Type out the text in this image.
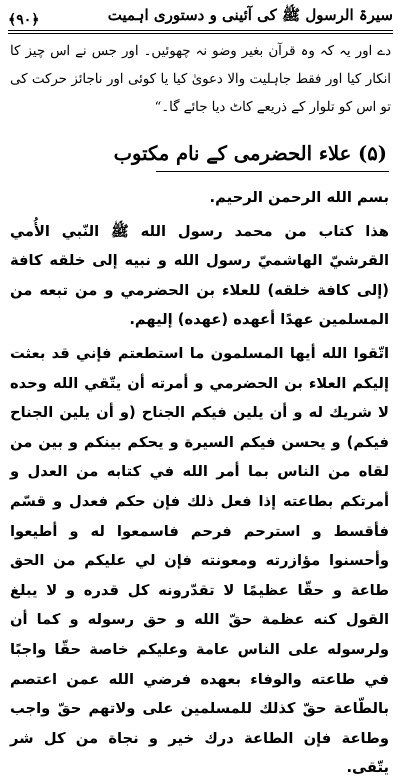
سیرۃ الرسول ﷺ کی آئینی و دستوری اہمیت
﴿۹۰﴾
دے اور یہ کہ وہ قرآن بغیر وضو نہ چھوئیں۔ اور جس نے اس چیز کا انکار کیا اور فقط جاہلیت والا دعویٰ کیا یا کوئی اور ناجائز حرکت کی تو اس کو تلوار کے ذریعے کاٹ دیا جائے گا۔“
(۵) علاء الحضرمی کے نام مکتوب

بسم الله الرحمن الرحيم.

هذا كتاب من محمد رسول الله ﷺ النّبي الأُمي القرشيّ الهاشميّ رسول الله و نبيه إلى خلقه كافة (إلى كافة خلقه) للعلاء بن الحضرمي و من تبعه من المسلمين عهدًا أعهده (عهده) إليهم.

اتّقوا الله أيها المسلمون ما استطعتم فإني قد بعثت إليكم العلاء بن الحضرمي و أمرته أن يتّقي الله وحده لا شريك له و أن يلين فيكم الجناح (و أن يلين الجناح فيكم) و يحسن فيكم السيرة و يحكم بينكم و بين من لقاه من الناس بما أمر الله في كتابه من العدل و أمرتكم بطاعته إذا فعل ذلك فإن حكم فعدل و قسّم فأقسط و استرحم فرحم فاسمعوا له و أطيعوا وأحسنوا مؤازرته ومعونته فإن لي عليكم من الحق طاعة و حقّا عظيمًا لا تقدّرونه كل قدره و لا يبلغ القول كنه عظمة حقّ الله و حق رسوله و كما أن ولرسوله على الناس عامة وعليكم خاصة حقّا واجبًا في طاعته والوفاء بعهده فرضي الله عمن اعتصم بالطّاعة حقّ كذلك للمسلمين على ولاتهم حقّ واجب وطاعة فإن الطاعة درك خير و نجاة من كل شر يتّقى.
